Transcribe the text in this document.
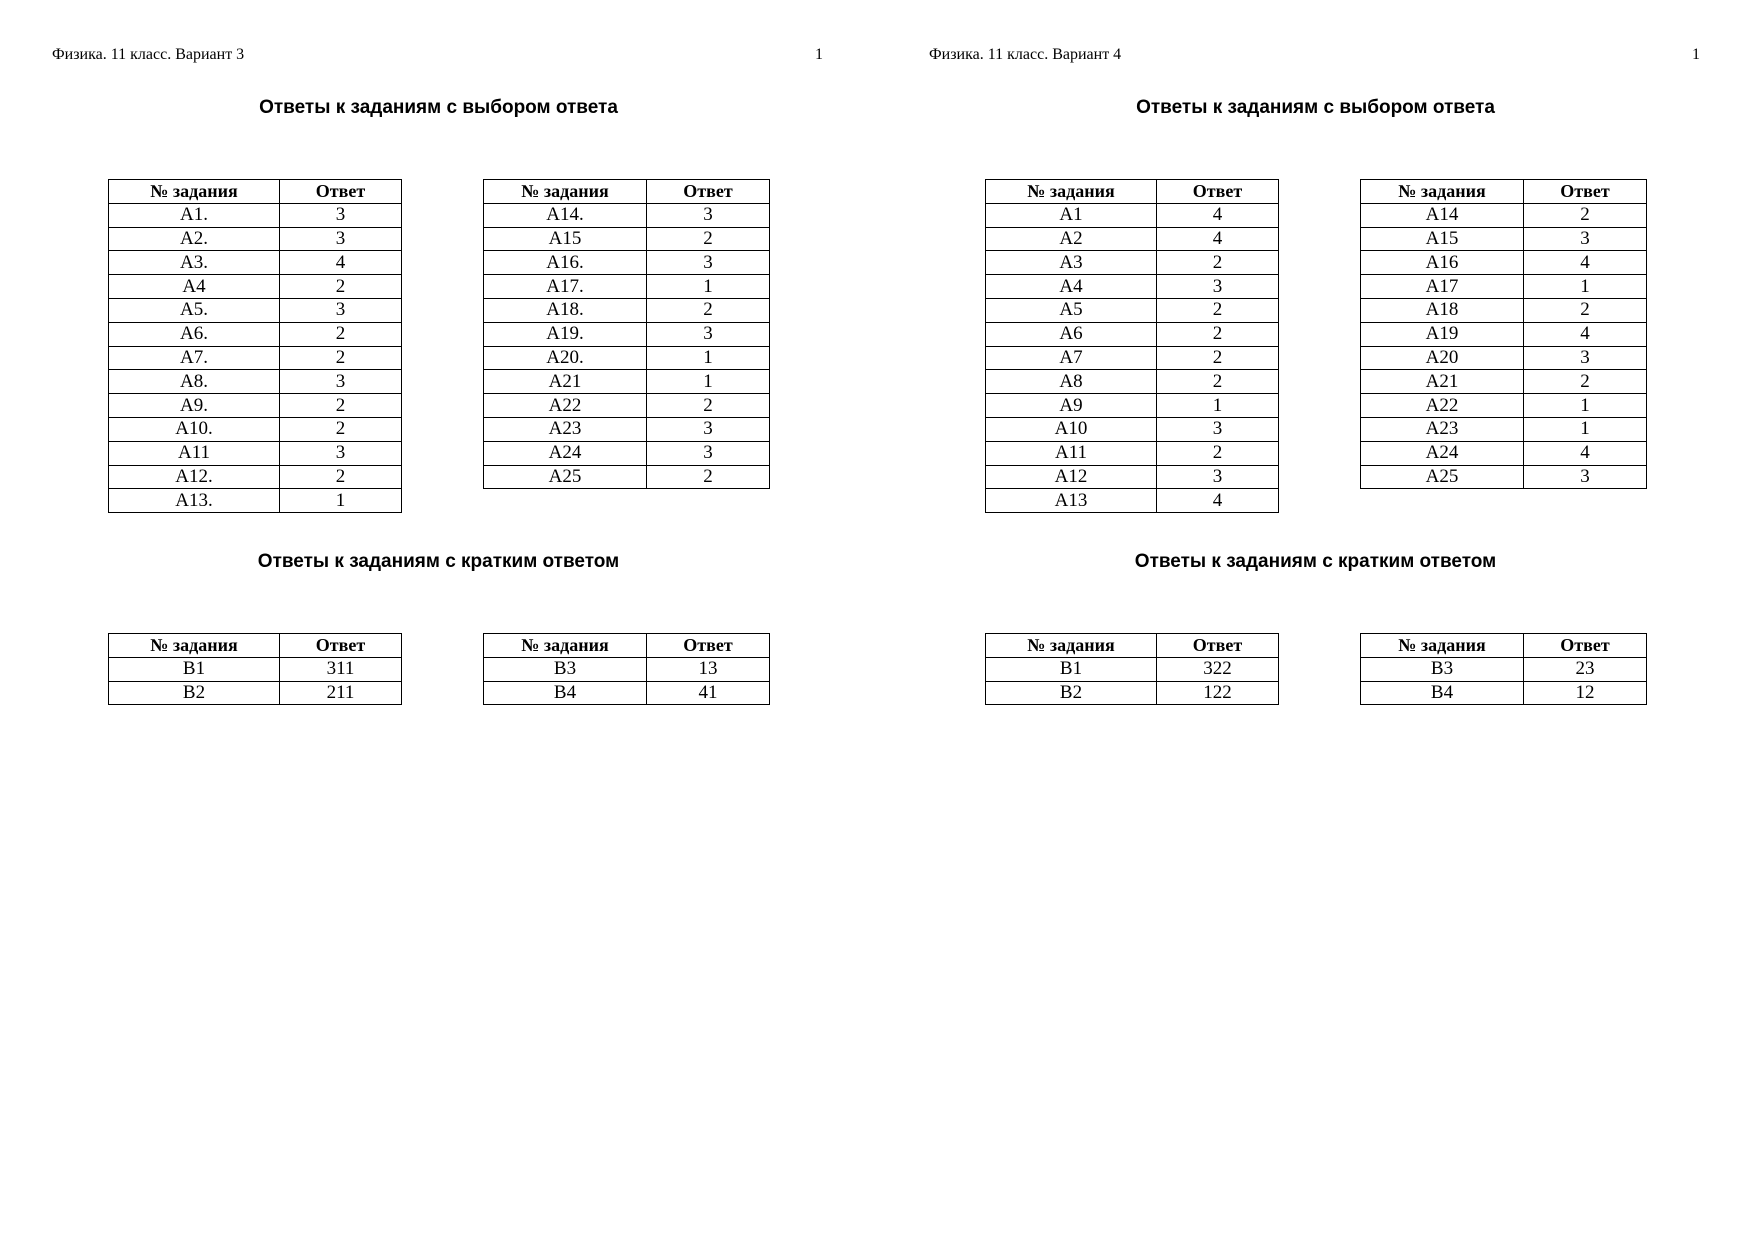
Физика. 11 класс. Вариант 3	1
Ответы к заданиям с выбором ответа
№ задания	Ответ
А1.	3
А2.	3
А3.	4
А4	2
А5.	3
А6.	2
А7.	2
А8.	3
А9.	2
А10.	2
А11	3
А12.	2
А13.	1
№ задания	Ответ
А14.	3
А15	2
А16.	3
А17.	1
А18.	2
А19.	3
А20.	1
А21	1
А22	2
А23	3
А24	3
А25	2
Ответы к заданиям с кратким ответом
№ задания	Ответ
В1	311
В2	211
№ задания	Ответ
В3	13
В4	41
Физика. 11 класс. Вариант 4	1
Ответы к заданиям с выбором ответа
№ задания	Ответ
А1	4
А2	4
А3	2
А4	3
А5	2
А6	2
А7	2
А8	2
А9	1
А10	3
А11	2
А12	3
А13	4
№ задания	Ответ
А14	2
А15	3
А16	4
А17	1
А18	2
А19	4
А20	3
А21	2
А22	1
А23	1
А24	4
А25	3
Ответы к заданиям с кратким ответом
№ задания	Ответ
В1	322
В2	122
№ задания	Ответ
В3	23
В4	12
